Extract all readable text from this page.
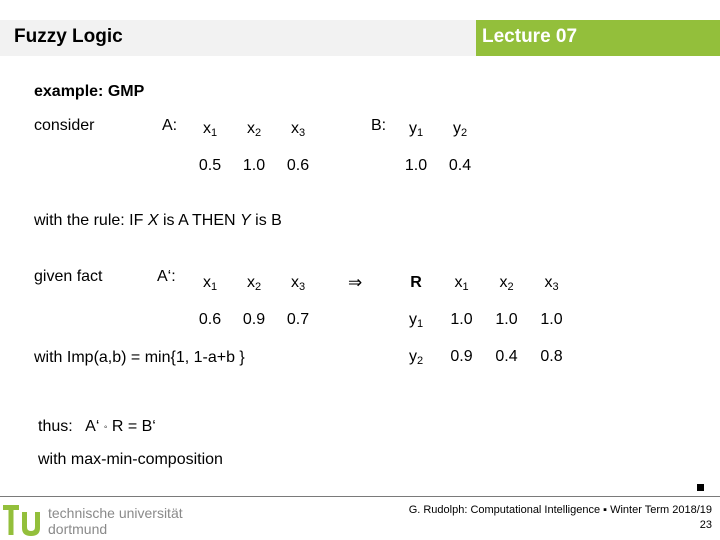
Fuzzy Logic	Lecture 07
example: GMP
consider	A: $x_1$	$x_2$	$x_3$
0.5	1.0	0.6
B: $y_1$	$y_2$
1.0	0.4
with the rule: IF X is A THEN Y is B
given fact	A‘: $x_1$	$x_2$	$x_3$
0.6	0.9	0.7
⇒	R	$x_1$	$x_2$	$x_3$
$y_1$	1.0	1.0	1.0
$y_2$	0.9	0.4	0.8
with Imp(a,b) = min{1, 1-a+b }
thus: A‘ ◦ R = B‘
with max-min-composition
technische universität
dortmund
G. Rudolph: Computational Intelligence ▪ Winter Term 2018/19
23
